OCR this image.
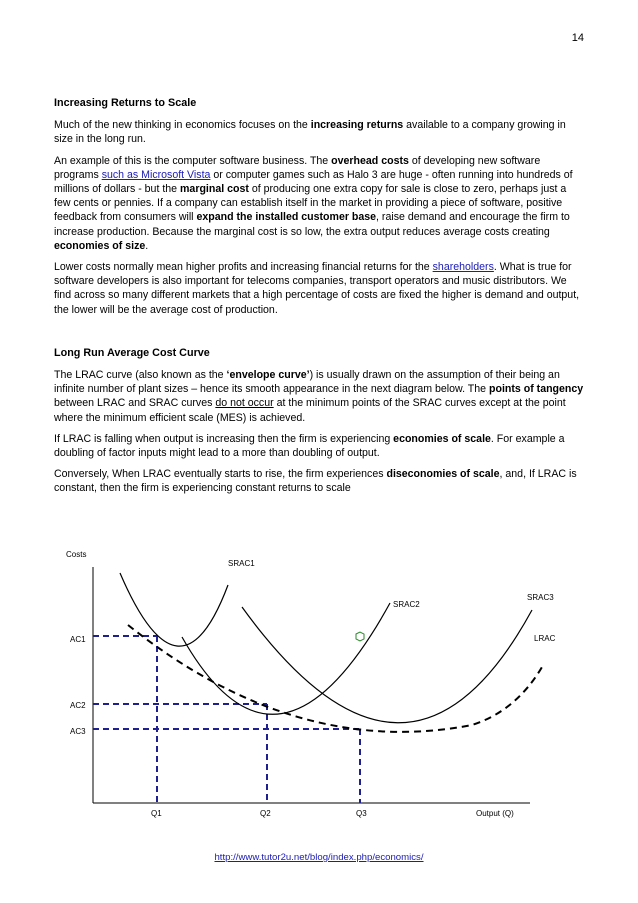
14
Increasing Returns to Scale

Much of the new thinking in economics focuses on the increasing returns available to a company growing in size in the long run.

An example of this is the computer software business. The overhead costs of developing new software programs such as Microsoft Vista or computer games such as Halo 3 are huge - often running into hundreds of millions of dollars - but the marginal cost of producing one extra copy for sale is close to zero, perhaps just a few cents or pennies. If a company can establish itself in the market in providing a piece of software, positive feedback from consumers will expand the installed customer base, raise demand and encourage the firm to increase production. Because the marginal cost is so low, the extra output reduces average costs creating economies of size.

Lower costs normally mean higher profits and increasing financial returns for the shareholders. What is true for software developers is also important for telecoms companies, transport operators and music distributors. We find across so many different markets that a high percentage of costs are fixed the higher is demand and output, the lower will be the average cost of production.

Long Run Average Cost Curve

The LRAC curve (also known as the ‘envelope curve’) is usually drawn on the assumption of their being an infinite number of plant sizes – hence its smooth appearance in the next diagram below. The points of tangency between LRAC and SRAC curves do not occur at the minimum points of the SRAC curves except at the point where the minimum efficient scale (MES) is achieved.

If LRAC is falling when output is increasing then the firm is experiencing economies of scale. For example a doubling of factor inputs might lead to a more than doubling of output.

Conversely, When LRAC eventually starts to rise, the firm experiences diseconomies of scale, and, If LRAC is constant, then the firm is experiencing constant returns to scale

Costs
Output (Q)
SRAC1
SRAC2
SRAC3
LRAC
AC1
AC2
AC3
Q1	Q2	Q3
http://www.tutor2u.net/blog/index.php/economics/
